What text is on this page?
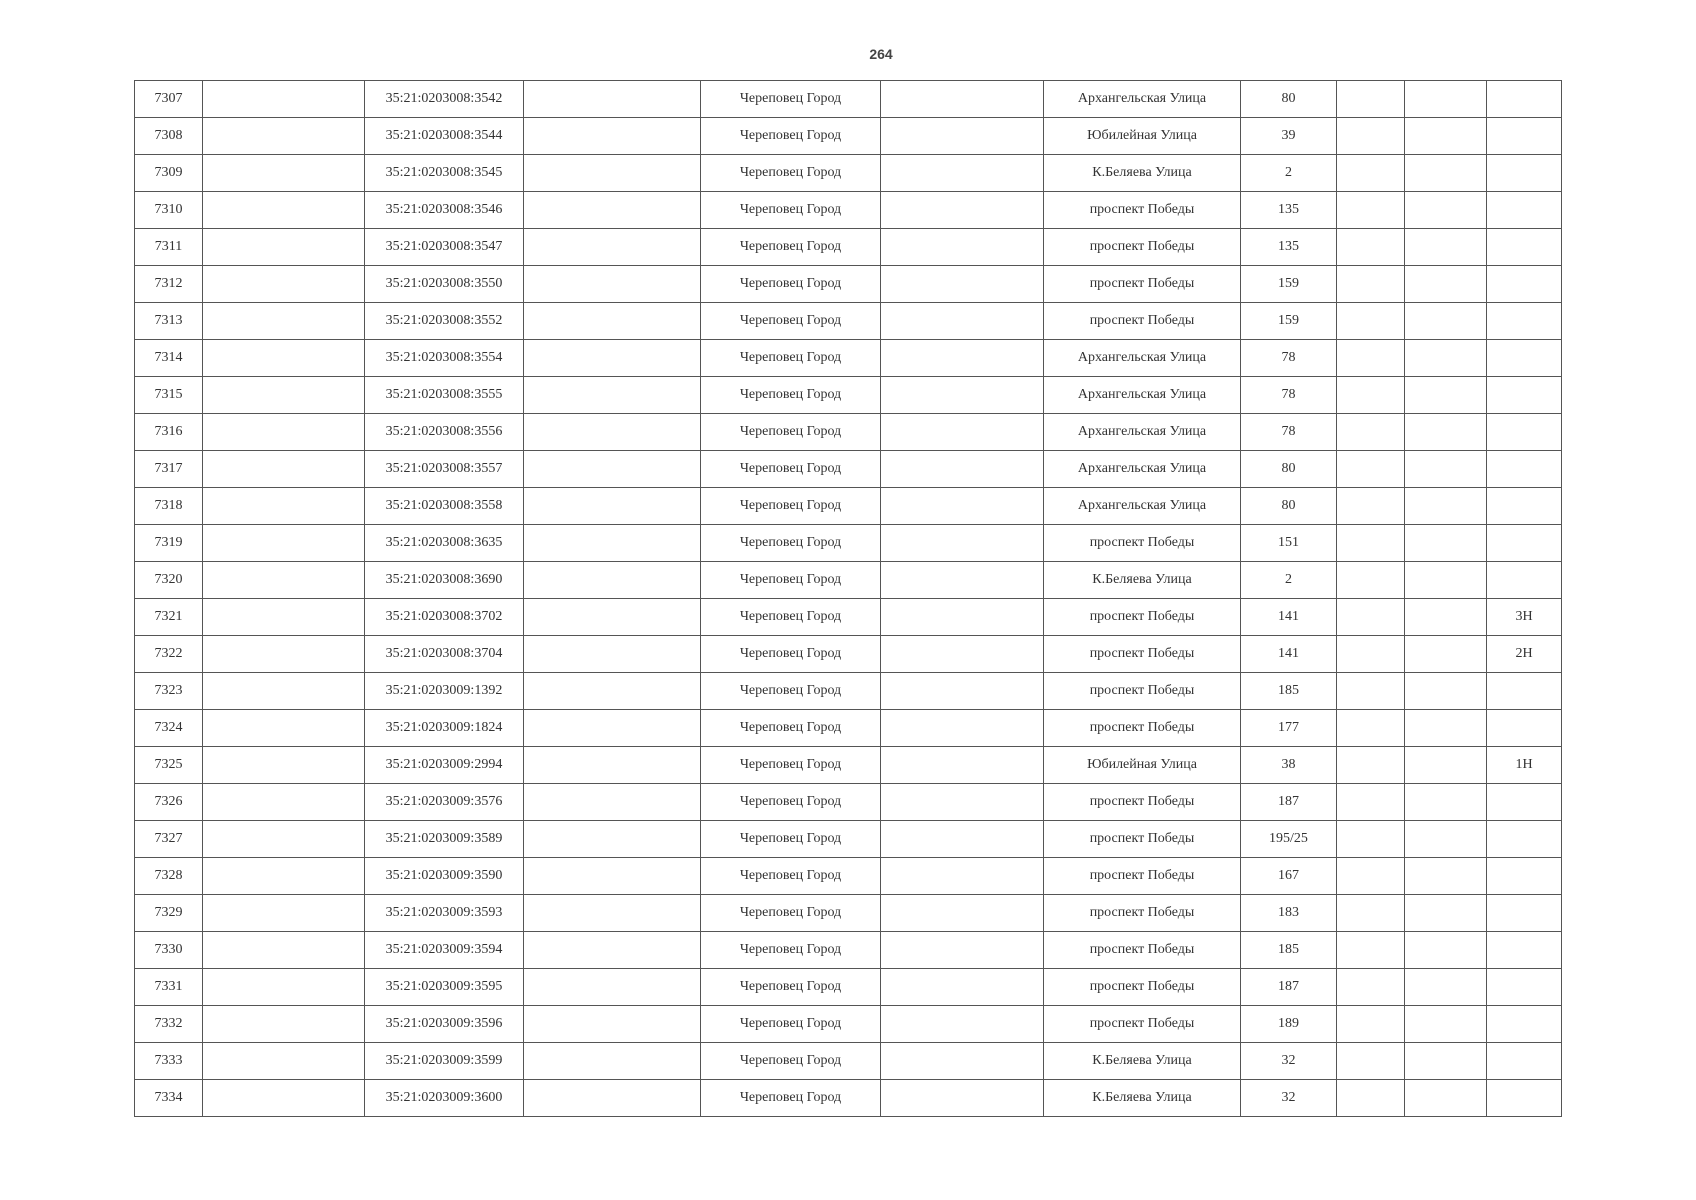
264
7307		35:21:0203008:3542		Череповец Город		Архангельская Улица	80			
7308		35:21:0203008:3544		Череповец Город		Юбилейная Улица	39			
7309		35:21:0203008:3545		Череповец Город		К.Беляева Улица	2			
7310		35:21:0203008:3546		Череповец Город		проспект Победы	135			
7311		35:21:0203008:3547		Череповец Город		проспект Победы	135			
7312		35:21:0203008:3550		Череповец Город		проспект Победы	159			
7313		35:21:0203008:3552		Череповец Город		проспект Победы	159			
7314		35:21:0203008:3554		Череповец Город		Архангельская Улица	78			
7315		35:21:0203008:3555		Череповец Город		Архангельская Улица	78			
7316		35:21:0203008:3556		Череповец Город		Архангельская Улица	78			
7317		35:21:0203008:3557		Череповец Город		Архангельская Улица	80			
7318		35:21:0203008:3558		Череповец Город		Архангельская Улица	80			
7319		35:21:0203008:3635		Череповец Город		проспект Победы	151			
7320		35:21:0203008:3690		Череповец Город		К.Беляева Улица	2			
7321		35:21:0203008:3702		Череповец Город		проспект Победы	141			3Н
7322		35:21:0203008:3704		Череповец Город		проспект Победы	141			2Н
7323		35:21:0203009:1392		Череповец Город		проспект Победы	185			
7324		35:21:0203009:1824		Череповец Город		проспект Победы	177			
7325		35:21:0203009:2994		Череповец Город		Юбилейная Улица	38			1Н
7326		35:21:0203009:3576		Череповец Город		проспект Победы	187			
7327		35:21:0203009:3589		Череповец Город		проспект Победы	195/25			
7328		35:21:0203009:3590		Череповец Город		проспект Победы	167			
7329		35:21:0203009:3593		Череповец Город		проспект Победы	183			
7330		35:21:0203009:3594		Череповец Город		проспект Победы	185			
7331		35:21:0203009:3595		Череповец Город		проспект Победы	187			
7332		35:21:0203009:3596		Череповец Город		проспект Победы	189			
7333		35:21:0203009:3599		Череповец Город		К.Беляева Улица	32			
7334		35:21:0203009:3600		Череповец Город		К.Беляева Улица	32			
